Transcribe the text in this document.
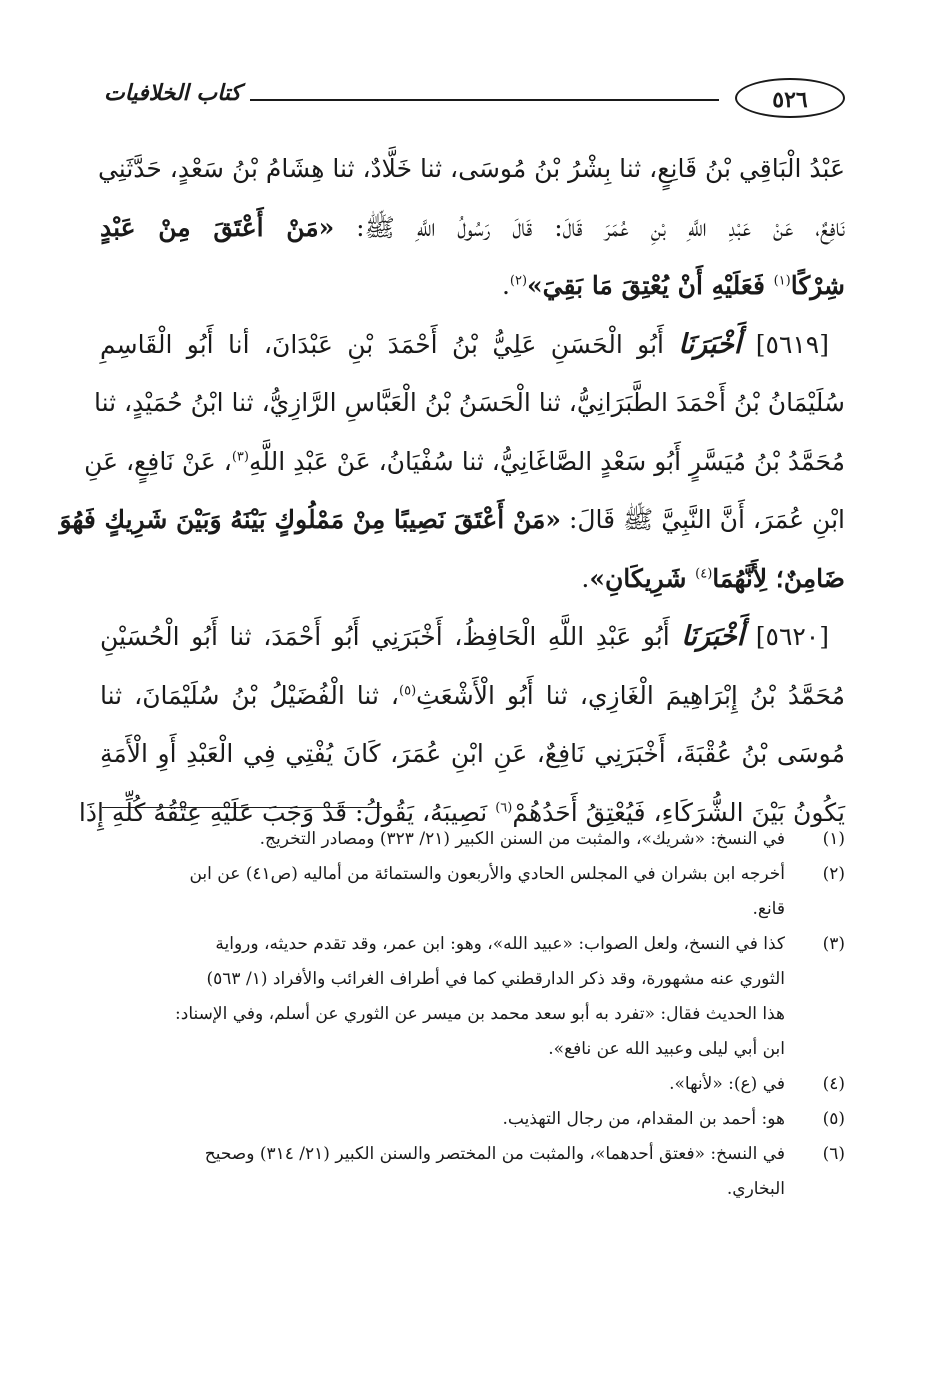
٥٢٦
كتاب الخلافيات
عَبْدُ الْبَاقِي بْنُ قَانِعٍ، ثنا بِشْرُ بْنُ مُوسَى، ثنا خَلَّادٌ، ثنا هِشَامُ بْنُ سَعْدٍ، حَدَّثَنِي
نَافِعٌ، عَنْ عَبْدِ اللَّهِ بْنِ عُمَرَ قَالَ: قَالَ رَسُولُ اللَّهِ ﷺ: «مَنْ أَعْتَقَ مِنْ عَبْدٍ
شِرْكًا$^{(١)}$ فَعَلَيْهِ أَنْ يُعْتِقَ مَا بَقِيَ»$^{(٢)}$.
[٥٦١٩] أَخْبَرَنَا أَبُو الْحَسَنِ عَلِيُّ بْنُ أَحْمَدَ بْنِ عَبْدَانَ، أنا أَبُو الْقَاسِمِ
سُلَيْمَانُ بْنُ أَحْمَدَ الطَّبَرَانِيُّ، ثنا الْحَسَنُ بْنُ الْعَبَّاسِ الرَّازِيُّ، ثنا ابْنُ حُمَيْدٍ، ثنا
مُحَمَّدُ بْنُ مُيَسَّرٍ أَبُو سَعْدٍ الصَّاغَانِيُّ، ثنا سُفْيَانُ، عَنْ عَبْدِ اللَّهِ$^{(٣)}$، عَنْ نَافِعٍ، عَنِ
ابْنِ عُمَرَ، أَنَّ النَّبِيَّ ﷺ قَالَ: «مَنْ أَعْتَقَ نَصِيبًا مِنْ مَمْلُوكٍ بَيْنَهُ وَبَيْنَ شَرِيكٍ فَهُوَ
ضَامِنٌ؛ لِأَنَّهُمَا$^{(٤)}$ شَرِيكَانِ».
[٥٦٢٠] أَخْبَرَنَا أَبُو عَبْدِ اللَّهِ الْحَافِظُ، أَخْبَرَنِي أَبُو أَحْمَدَ، ثنا أَبُو الْحُسَيْنِ
مُحَمَّدُ بْنُ إِبْرَاهِيمَ الْغَازِي، ثنا أَبُو الْأَشْعَثِ$^{(٥)}$، ثنا الْفُضَيْلُ بْنُ سُلَيْمَانَ، ثنا
مُوسَى بْنُ عُقْبَةَ، أَخْبَرَنِي نَافِعٌ، عَنِ ابْنِ عُمَرَ، كَانَ يُفْتِي فِي الْعَبْدِ أَوِ الْأَمَةِ
يَكُونُ بَيْنَ الشُّرَكَاءِ، فَيُعْتِقُ أَحَدُهُمْ$^{(٦)}$ نَصِيبَهُ، يَقُولُ: قَدْ وَجَبَ عَلَيْهِ عِتْقُهُ كُلِّهِ إِذَا
(١)
في النسخ: «شريك»، والمثبت من السنن الكبير (٢١/ ٣٢٣) ومصادر التخريج.
(٢)
أخرجه ابن بشران في المجلس الحادي والأربعون والستمائة من أماليه (ص٤١) عن ابن
قانع.
(٣)
كذا في النسخ، ولعل الصواب: «عبيد الله»، وهو: ابن عمر، وقد تقدم حديثه، ورواية
الثوري عنه مشهورة، وقد ذكر الدارقطني كما في أطراف الغرائب والأفراد (١/ ٥٦٣)
هذا الحديث فقال: «تفرد به أبو سعد محمد بن ميسر عن الثوري عن أسلم، وفي الإسناد:
ابن أبي ليلى وعبيد الله عن نافع».
(٤)
في (ع): «لأنها».
(٥)
هو: أحمد بن المقدام، من رجال التهذيب.
(٦)
في النسخ: «فعتق أحدهما»، والمثبت من المختصر والسنن الكبير (٢١/ ٣١٤) وصحيح
البخاري.
